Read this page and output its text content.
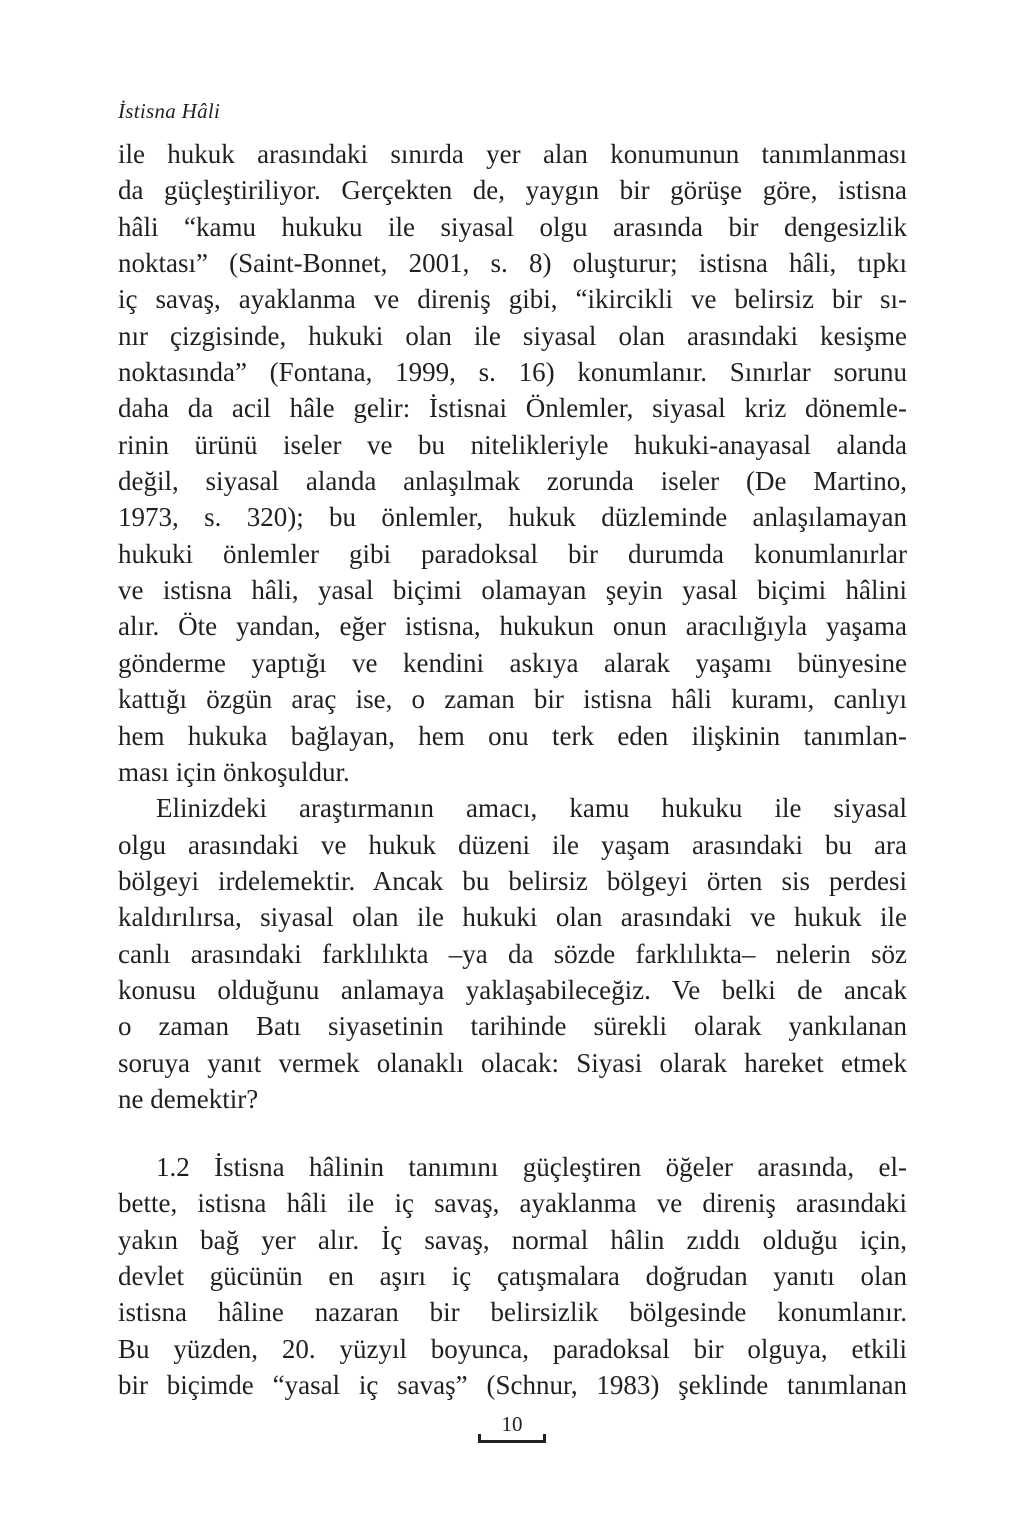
İstisna Hâli
ile hukuk arasındaki sınırda yer alan konumunun tanımlanması
da güçleştiriliyor. Gerçekten de, yaygın bir görüşe göre, istisna
hâli “kamu hukuku ile siyasal olgu arasında bir dengesizlik
noktası” (Saint-Bonnet, 2001, s. 8) oluşturur; istisna hâli, tıpkı
iç savaş, ayaklanma ve direniş gibi, “ikircikli ve belirsiz bir sı-
nır çizgisinde, hukuki olan ile siyasal olan arasındaki kesişme
noktasında” (Fontana, 1999, s. 16) konumlanır. Sınırlar sorunu
daha da acil hâle gelir: İstisnai Önlemler, siyasal kriz dönemle-
rinin ürünü iseler ve bu nitelikleriyle hukuki-anayasal alanda
değil, siyasal alanda anlaşılmak zorunda iseler (De Martino,
1973, s. 320); bu önlemler, hukuk düzleminde anlaşılamayan
hukuki önlemler gibi paradoksal bir durumda konumlanırlar
ve istisna hâli, yasal biçimi olamayan şeyin yasal biçimi hâlini
alır. Öte yandan, eğer istisna, hukukun onun aracılığıyla yaşama
gönderme yaptığı ve kendini askıya alarak yaşamı bünyesine
kattığı özgün araç ise, o zaman bir istisna hâli kuramı, canlıyı
hem hukuka bağlayan, hem onu terk eden ilişkinin tanımlan-
ması için önkoşuldur.
Elinizdeki araştırmanın amacı, kamu hukuku ile siyasal
olgu arasındaki ve hukuk düzeni ile yaşam arasındaki bu ara
bölgeyi irdelemektir. Ancak bu belirsiz bölgeyi örten sis perdesi
kaldırılırsa, siyasal olan ile hukuki olan arasındaki ve hukuk ile
canlı arasındaki farklılıkta –ya da sözde farklılıkta– nelerin söz
konusu olduğunu anlamaya yaklaşabileceğiz. Ve belki de ancak
o zaman Batı siyasetinin tarihinde sürekli olarak yankılanan
soruya yanıt vermek olanaklı olacak: Siyasi olarak hareket etmek
ne demektir?
1.2 İstisna hâlinin tanımını güçleştiren öğeler arasında, el-
bette, istisna hâli ile iç savaş, ayaklanma ve direniş arasındaki
yakın bağ yer alır. İç savaş, normal hâlin zıddı olduğu için,
devlet gücünün en aşırı iç çatışmalara doğrudan yanıtı olan
istisna hâline nazaran bir belirsizlik bölgesinde konumlanır.
Bu yüzden, 20. yüzyıl boyunca, paradoksal bir olguya, etkili
bir biçimde “yasal iç savaş” (Schnur, 1983) şeklinde tanımlanan
10
